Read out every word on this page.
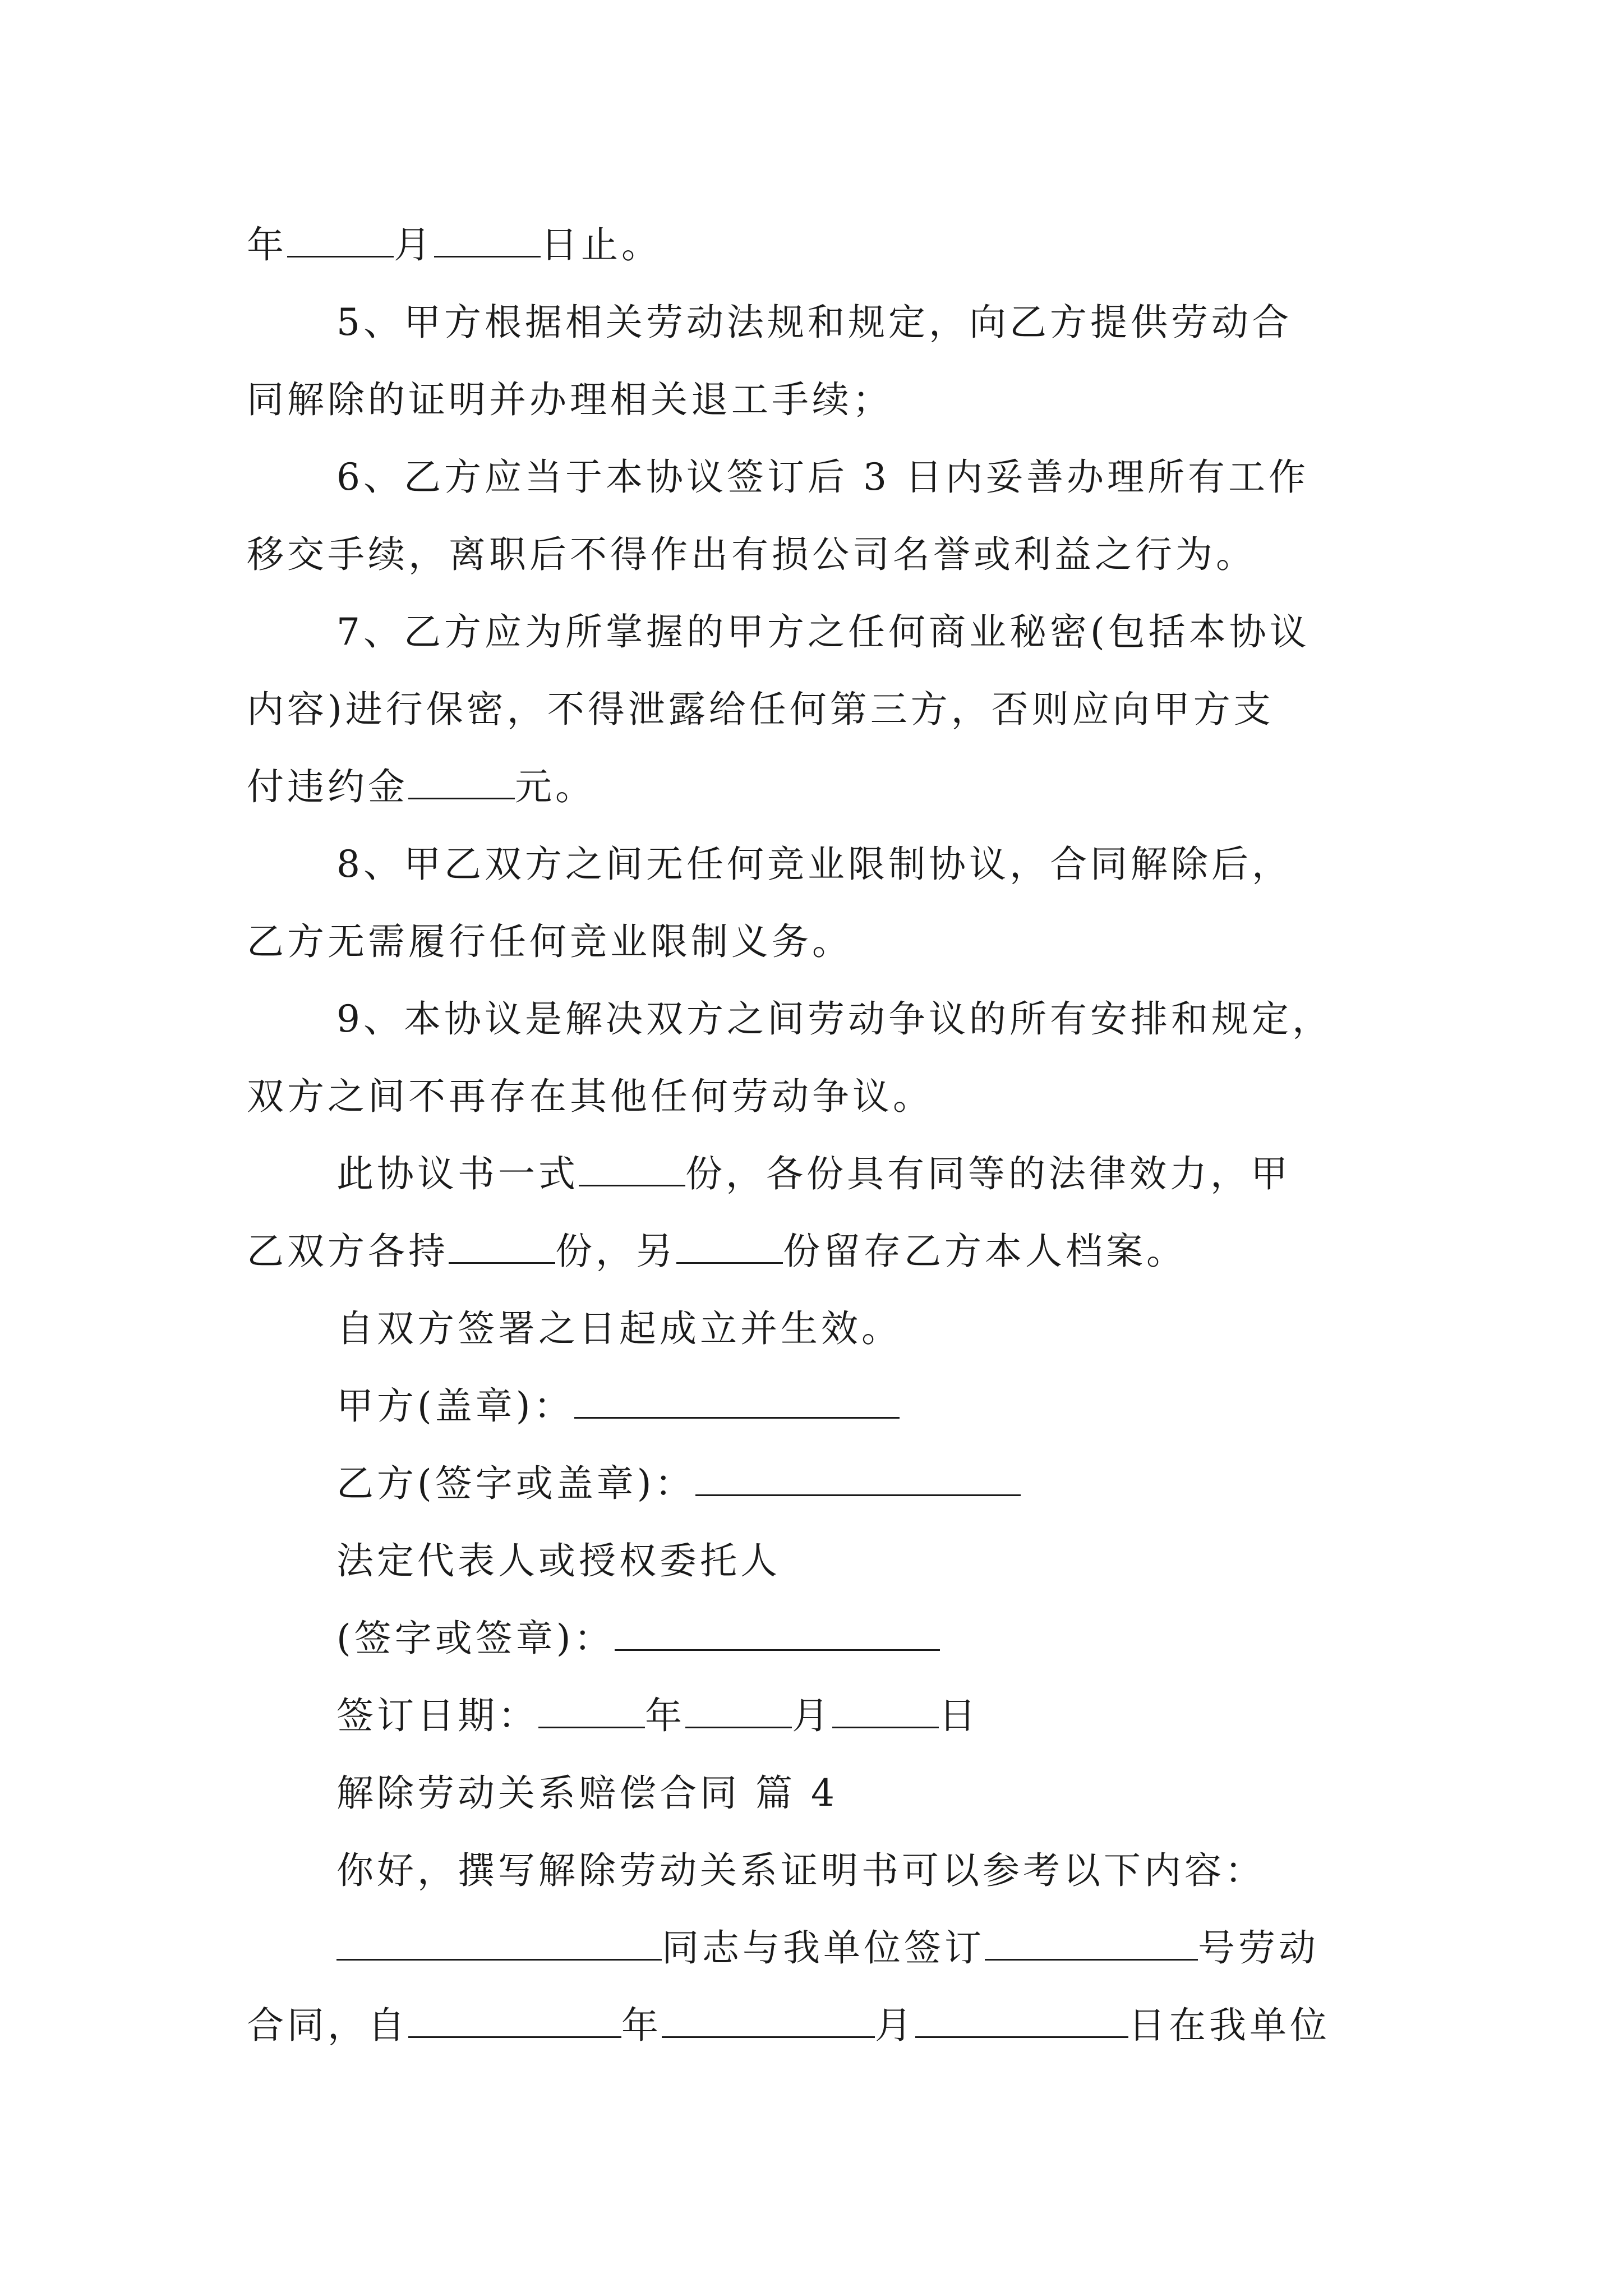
年	月	日止。
5、甲方根据相关劳动法规和规定，向乙方提供劳动合
同解除的证明并办理相关退工手续；
6、乙方应当于本协议签订后 3 日内妥善办理所有工作
移交手续，离职后不得作出有损公司名誉或利益之行为。
7、乙方应为所掌握的甲方之任何商业秘密(包括本协议
内容)进行保密，不得泄露给任何第三方，否则应向甲方支
付违约金	元。
8、甲乙双方之间无任何竞业限制协议，合同解除后，
乙方无需履行任何竞业限制义务。
9、本协议是解决双方之间劳动争议的所有安排和规定，
双方之间不再存在其他任何劳动争议。
此协议书一式	份，各份具有同等的法律效力，甲
乙双方各持	份，另	份留存乙方本人档案。
自双方签署之日起成立并生效。
甲方(盖章)：
乙方(签字或盖章)：
法定代表人或授权委托人
(签字或签章)：
签订日期：	年	月	日
解除劳动关系赔偿合同 篇 4
你好，撰写解除劳动关系证明书可以参考以下内容：
同志与我单位签订	号劳动
合同，自	年	月	日在我单位
